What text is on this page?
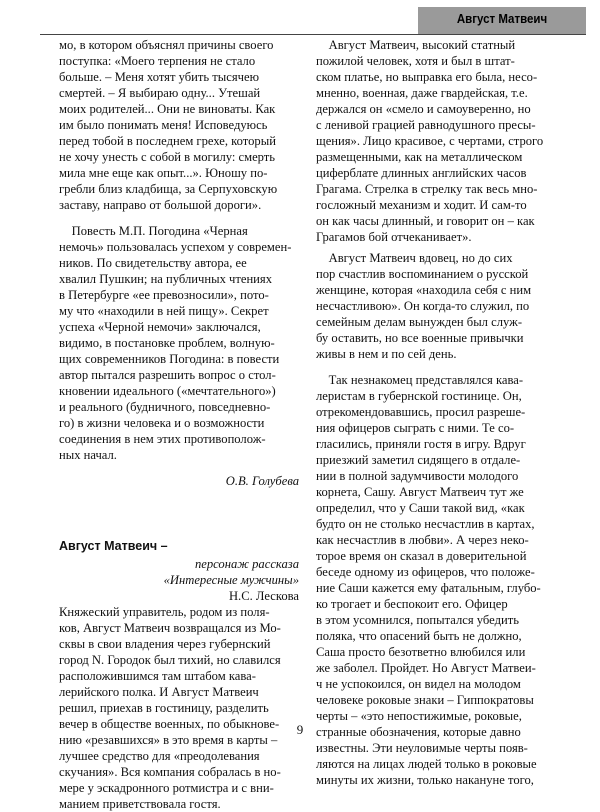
Август Матвеич
мо, в котором объяснял причины своего
поступка: «Моего терпения не стало
больше. – Меня хотят убить тысячею
смертей. – Я выбираю одну... Утешай
моих родителей... Они не виноваты. Как
им было понимать меня! Исповедуюсь
перед тобой в последнем грехе, который
не хочу унесть с собой в могилу: смерть
мила мне еще как опыт...». Юношу по-
гребли близ кладбища, за Серпуховскую
заставу, направо от большой дороги».
Повесть М.П. Погодина «Черная
немочь» пользовалась успехом у современ-
ников. По свидетельству автора, ее
хвалил Пушкин; на публичных чтениях
в Петербурге «ее превозносили», пото-
му что «находили в ней пищу». Секрет
успеха «Черной немочи» заключался,
видимо, в постановке проблем, волную-
щих современников Погодина: в повести
автор пытался разрешить вопрос о стол-
кновении идеального («мечтательного»)
и реального (будничного, повседневно-
го) в жизни человека и о возможности
соединения в нем этих противополож-
ных начал.
О.В. Голубева
Август Матвеич –
персонаж рассказа
«Интересные мужчины»
Н.С. Лескова
Княжеский управитель, родом из поля-
ков, Август Матвеич возвращался из Мо-
сквы в свои владения через губернский
город N. Городок был тихий, но славился
расположившимся там штабом кава-
лерийского полка. И Август Матвеич
решил, приехав в гостиницу, разделить
вечер в обществе военных, по обыкнове-
нию «резавшихся» в это время в карты –
лучшее средство для «преодолевания
скучания». Вся компания собралась в но-
мере у эскадронного ротмистра и с вни-
манием приветствовала гостя.
Август Матвеич, высокий статный
пожилой человек, хотя и был в штат-
ском платье, но выправка его была, несо-
мненно, военная, даже гвардейская, т.е.
держался он «смело и самоуверенно, но
с ленивой грацией равнодушного пресы-
щения». Лицо красивое, с чертами, строго
размещенными, как на металлическом
циферблате длинных английских часов
Грагама. Стрелка в стрелку так весь мно-
госложный механизм и ходит. И сам-то
он как часы длинный, и говорит он – как
Грагамов бой отчеканивает».
Август Матвеич вдовец, но до сих
пор счастлив воспоминанием о русской
женщине, которая «находила себя с ним
несчастливою». Он когда-то служил, по
семейным делам вынужден был служ-
бу оставить, но все военные привычки
живы в нем и по сей день.
Так незнакомец представлялся кава-
леристам в губернской гостинице. Он,
отрекомендовавшись, просил разреше-
ния офицеров сыграть с ними. Те со-
гласились, приняли гостя в игру. Вдруг
приезжий заметил сидящего в отдале-
нии в полной задумчивости молодого
корнета, Сашу. Август Матвеич тут же
определил, что у Саши такой вид, «как
будто он не столько несчастлив в картах,
как несчастлив в любви». А через неко-
торое время он сказал в доверительной
беседе одному из офицеров, что положе-
ние Саши кажется ему фатальным, глубо-
ко трогает и беспокоит его. Офицер
в этом усомнился, попытался убедить
поляка, что опасений быть не должно,
Саша просто безответно влюбился или
же заболел. Пройдет. Но Август Матвеи-
ч не успокоился, он видел на молодом
человеке роковые знаки – Гиппократовы
черты – «это непостижимые, роковые,
странные обозначения, которые давно
известны. Эти неуловимые черты появ-
ляются на лицах людей только в роковые
минуты их жизни, только накануне того,
9
